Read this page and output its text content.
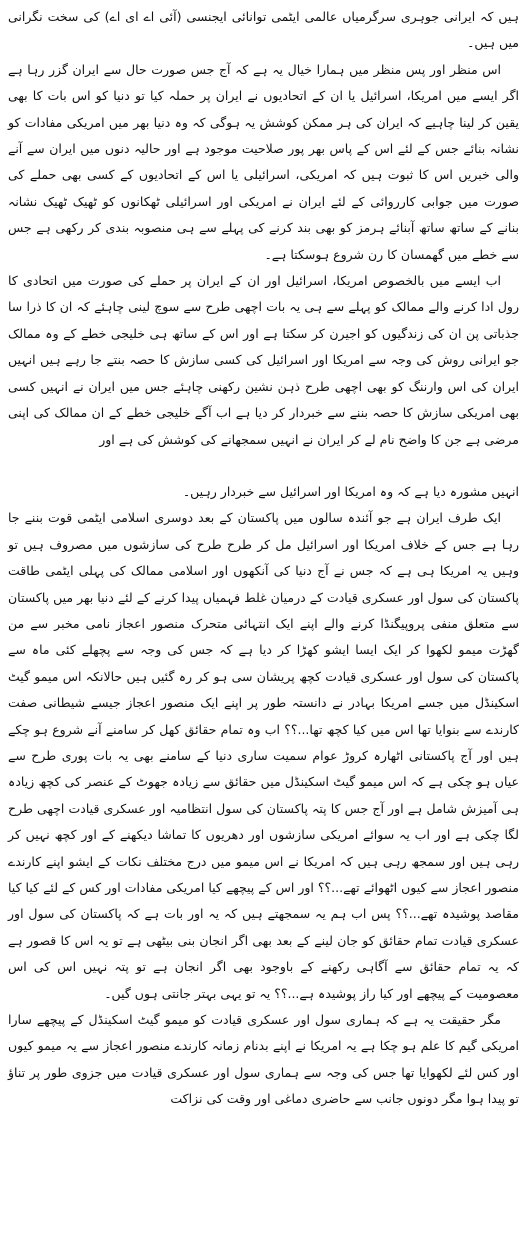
ہیں کہ ایرانی جوہری سرگرمیاں عالمی ایٹمی توانائی ایجنسی (آئی اے ای اے) کی سخت نگرانی میں ہیں۔

اس منظر اور پس منظر میں ہمارا خیال یہ ہے کہ آج جس صورت حال سے ایران گزر رہا ہے اگر ایسے میں امریکا، اسرائیل یا ان کے اتحادیوں نے ایران پر حملہ کیا تو دنیا کو اس بات کا بھی یقین کر لینا چاہیے کہ ایران کی ہر ممکن کوشش یہ ہوگی کہ وہ دنیا بھر میں امریکی مفادات کو نشانہ بنائے جس کے لئے اس کے پاس بھر پور صلاحیت موجود ہے اور حالیہ دنوں میں ایران سے آنے والی خبریں اس کا ثبوت ہیں کہ امریکی، اسرائیلی یا اس کے اتحادیوں کے کسی بھی حملے کی صورت میں جوابی کارروائی کے لئے ایران نے امریکی اور اسرائیلی ٹھکانوں کو ٹھیک ٹھیک نشانہ بنانے کے ساتھ ساتھ آبنائے ہرمز کو بھی بند کرنے کی پہلے سے ہی منصوبہ بندی کر رکھی ہے جس سے خطے میں گھمسان کا رن شروع ہوسکتا ہے۔

اب ایسے میں بالخصوص امریکا، اسرائیل اور ان کے ایران پر حملے کی صورت میں اتحادی کا رول ادا کرنے والے ممالک کو پہلے سے ہی یہ بات اچھی طرح سے سوچ لینی چاہئے کہ ان کا ذرا سا جذباتی پن ان کی زندگیوں کو اجیرن کر سکتا ہے اور اس کے ساتھ ہی خلیجی خطے کے وہ ممالک جو ایرانی روش کی وجہ سے امریکا اور اسرائیل کی کسی سازش کا حصہ بنتے جا رہے ہیں انہیں ایران کی اس وارننگ کو بھی اچھی طرح ذہن نشین رکھنی چاہئے جس میں ایران نے انہیں کسی بھی امریکی سازش کا حصہ بننے سے خبردار کر دیا ہے اب آگے خلیجی خطے کے ان ممالک کی اپنی مرضی ہے جن کا واضح نام لے کر ایران نے انہیں سمجھانے کی کوشش کی ہے اور

انہیں مشورہ دیا ہے کہ وہ امریکا اور اسرائیل سے خبردار رہیں۔

ایک طرف ایران ہے جو آئندہ سالوں میں پاکستان کے بعد دوسری اسلامی ایٹمی قوت بننے جا رہا ہے جس کے خلاف امریکا اور اسرائیل مل کر طرح طرح کی سازشوں میں مصروف ہیں تو وہیں یہ امریکا ہی ہے کہ جس نے آج دنیا کی آنکھوں اور اسلامی ممالک کی پہلی ایٹمی طاقت پاکستان کی سول اور عسکری قیادت کے درمیان غلط فہمیاں پیدا کرنے کے لئے دنیا بھر میں پاکستان سے متعلق منفی پروپیگنڈا کرنے والے اپنے ایک انتہائی متحرک منصور اعجاز نامی مخبر سے من گھڑت میمو لکھوا کر ایک ایسا ایشو کھڑا کر دیا ہے کہ جس کی وجہ سے پچھلے کئی ماہ سے پاکستان کی سول اور عسکری قیادت کچھ پریشان سی ہو کر رہ گئیں ہیں حالانکہ اس میمو گیٹ اسکینڈل میں جسے امریکا بہادر نے دانستہ طور پر اپنے ایک منصور اعجاز جیسے شیطانی صفت کارندے سے بنوایا تھا اس میں کیا کچھ تھا...؟؟ اب وہ تمام حقائق کھل کر سامنے آنے شروع ہو چکے ہیں اور آج پاکستانی اٹھارہ کروڑ عوام سمیت ساری دنیا کے سامنے بھی یہ بات پوری طرح سے عیاں ہو چکی ہے کہ اس میمو گیٹ اسکینڈل میں حقائق سے زیادہ جھوٹ کے عنصر کی کچھ زیادہ ہی آمیزش شامل ہے اور آج جس کا پتہ پاکستان کی سول انتظامیہ اور عسکری قیادت اچھی طرح لگا چکی ہے اور اب یہ سوائے امریکی سازشوں اور دھریوں کا تماشا دیکھنے کے اور کچھ نہیں کر رہی ہیں اور سمجھ رہی ہیں کہ امریکا نے اس میمو میں درج مختلف نکات کے ایشو اپنے کارندے منصور اعجاز سے کیوں اٹھوائے تھے...؟؟ اور اس کے پیچھے کیا امریکی مفادات اور کس کے لئے کیا کیا مقاصد پوشیدہ تھے...؟؟ پس اب ہم یہ سمجھتے ہیں کہ یہ اور بات ہے کہ پاکستان کی سول اور عسکری قیادت تمام حقائق کو جان لینے کے بعد بھی اگر انجان بنی بیٹھی ہے تو یہ اس کا قصور ہے کہ یہ تمام حقائق سے آگاہی رکھنے کے باوجود بھی اگر انجان ہے تو پتہ نہیں اس کی اس معصومیت کے پیچھے اور کیا راز پوشیدہ ہے...؟؟ یہ تو یہی بہتر جانتی ہوں گیں۔

مگر حقیقت یہ ہے کہ ہماری سول اور عسکری قیادت کو میمو گیٹ اسکینڈل کے پیچھے سارا امریکی گیم کا علم ہو چکا ہے یہ امریکا نے اپنے بدنام زمانہ کارندے منصور اعجاز سے یہ میمو کیوں اور کس لئے لکھوایا تھا جس کی وجہ سے ہماری سول اور عسکری قیادت میں جزوی طور پر تناؤ تو پیدا ہوا مگر دونوں جانب سے حاضری دماغی اور وقت کی نزاکت
